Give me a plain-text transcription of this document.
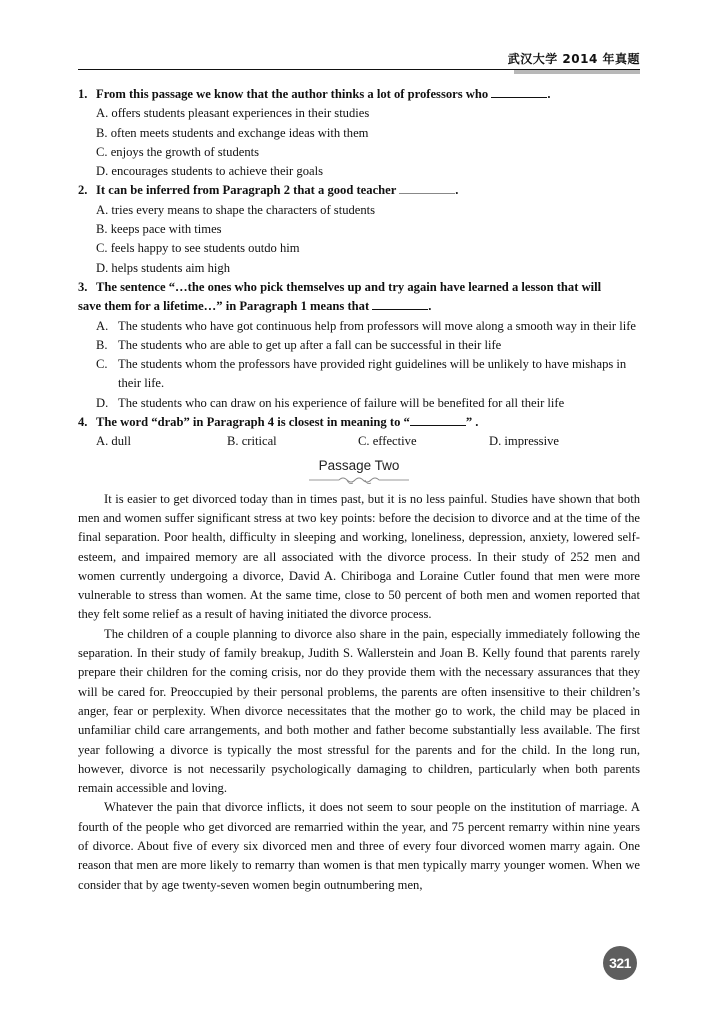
武汉大学 2014 年真题
1. From this passage we know that the author thinks a lot of professors who	.
A. offers students pleasant experiences in their studies
B. often meets students and exchange ideas with them
C. enjoys the growth of students
D. encourages students to achieve their goals
2. It can be inferred from Paragraph 2 that a good teacher	.
A. tries every means to shape the characters of students
B. keeps pace with times
C. feels happy to see students outdo him
D. helps students aim high
3. The sentence “…the ones who pick themselves up and try again have learned a lesson that will
save them for a lifetime…” in Paragraph 1 means that	.
A. The students who have got continuous help from professors will move along a smooth way in their life
B. The students who are able to get up after a fall can be successful in their life
C. The students whom the professors have provided right guidelines will be unlikely to have mishaps in their life.
D. The students who can draw on his experience of failure will be benefited for all their life
4. The word “drab” in Paragraph 4 is closest in meaning to “	” .
A. dull	B. critical	C. effective	D. impressive
Passage Two

It is easier to get divorced today than in times past, but it is no less painful. Studies have shown that both men and women suffer significant stress at two key points: before the decision to divorce and at the time of the final separation. Poor health, difficulty in sleeping and working, loneliness, depression, anxiety, lowered self-esteem, and impaired memory are all associated with the divorce process. In their study of 252 men and women currently undergoing a divorce, David A. Chiriboga and Loraine Cutler found that men were more vulnerable to stress than women. At the same time, close to 50 percent of both men and women reported that they felt some relief as a result of having initiated the divorce process.

The children of a couple planning to divorce also share in the pain, especially immediately following the separation. In their study of family breakup, Judith S. Wallerstein and Joan B. Kelly found that parents rarely prepare their children for the coming crisis, nor do they provide them with the necessary assurances that they will be cared for. Preoccupied by their personal problems, the parents are often insensitive to their children’s anger, fear or perplexity. When divorce necessitates that the mother go to work, the child may be placed in unfamiliar child care arrangements, and both mother and father become substantially less available. The first year following a divorce is typically the most stressful for the parents and for the child. In the long run, however, divorce is not necessarily psychologically damaging to children, particularly when both parents remain accessible and loving.

Whatever the pain that divorce inflicts, it does not seem to sour people on the institution of marriage. A fourth of the people who get divorced are remarried within the year, and 75 percent remarry within nine years of divorce. About five of every six divorced men and three of every four divorced women marry again. One reason that men are more likely to remarry than women is that men typically marry younger women. When we consider that by age twenty-seven women begin outnumbering men,

321
